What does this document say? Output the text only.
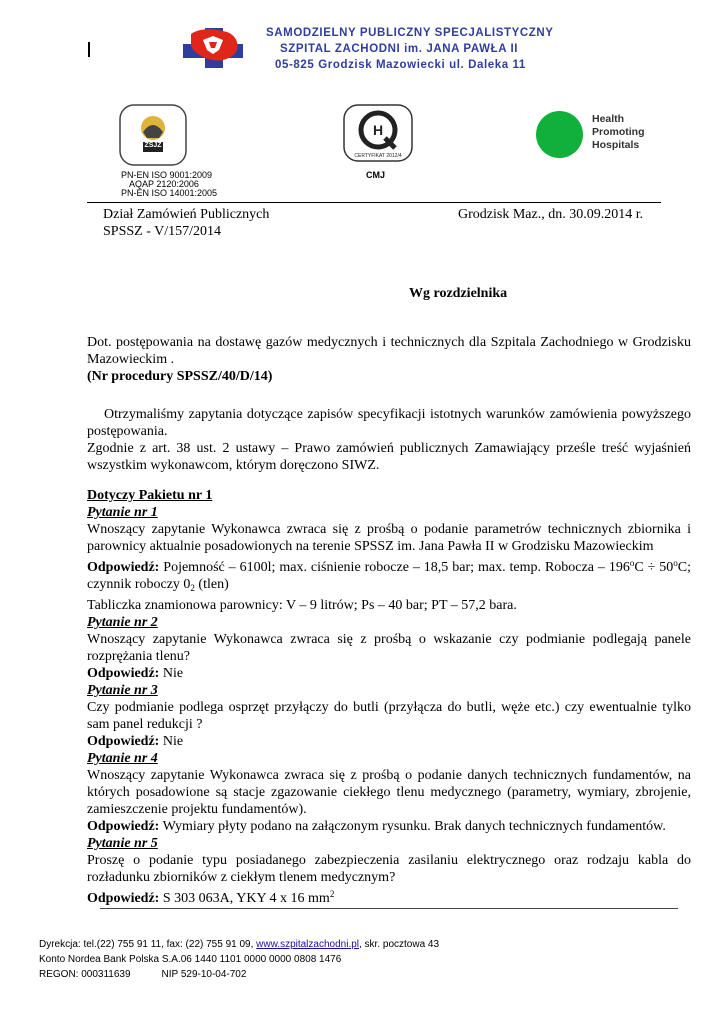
SAMODZIELNY PUBLICZNY SPECJALISTYCZNY
SZPITAL ZACHODNI im. JANA PAWŁA II
05-825 Grodzisk Mazowiecki ul. Daleka 11
ZSJZ
PN-EN ISO 9001:2009
AQAP 2120:2006
PN-EN ISO 14001:2005
H
CERTYFIKAT 2012/4
CMJ
Health
Promoting
Hospitals
Dział Zamówień Publicznych
SPSSZ - V/157/2014
Grodzisk Maz., dn. 30.09.2014 r.
Wg rozdzielnika

Dot. postępowania na dostawę gazów medycznych i technicznych dla Szpitala Zachodniego w Grodzisku Mazowieckim .

(Nr procedury SPSSZ/40/D/14)

Otrzymaliśmy zapytania dotyczące zapisów specyfikacji istotnych warunków zamówienia powyższego postępowania.

Zgodnie z art. 38 ust. 2 ustawy – Prawo zamówień publicznych Zamawiający prześle treść wyjaśnień wszystkim wykonawcom, którym doręczono SIWZ.

Dotyczy Pakietu nr 1

Pytanie nr 1

Wnoszący zapytanie Wykonawca zwraca się z prośbą o podanie parametrów technicznych zbiornika i parownicy aktualnie posadowionych na terenie SPSSZ im. Jana Pawła II w Grodzisku Mazowieckim

Odpowiedź: Pojemność – 6100l; max. ciśnienie robocze – 18,5 bar; max. temp. Robocza – $196^oC \div 50^oC$; czynnik roboczy $0_2$ (tlen)

Tabliczka znamionowa parownicy: V – 9 litrów; Ps – 40 bar; PT – 57,2 bara.

Pytanie nr 2

Wnoszący zapytanie Wykonawca zwraca się z prośbą o wskazanie czy podmianie podlegają panele rozprężania tlenu?

Odpowiedź: Nie

Pytanie nr 3

Czy podmianie podlega osprzęt przyłączy do butli (przyłącza do butli, węże etc.) czy ewentualnie tylko sam panel redukcji ?

Odpowiedź: Nie

Pytanie nr 4

Wnoszący zapytanie Wykonawca zwraca się z prośbą o podanie danych technicznych fundamentów, na których posadowione są stacje zgazowanie ciekłego tlenu medycznego (parametry, wymiary, zbrojenie, zamieszczenie projektu fundamentów).

Odpowiedź: Wymiary płyty podano na załączonym rysunku. Brak danych technicznych fundamentów.

Pytanie nr 5

Proszę o podanie typu posiadanego zabezpieczenia zasilaniu elektrycznego oraz rodzaju kabla do rozładunku zbiorników z ciekłym tlenem medycznym?

Odpowiedź: S 303 063A, YKY 4 x 16 $mm^2$

Dyrekcja: tel.(22) 755 91 11, fax: (22) 755 91 09, www.szpitalzachodni.pl, skr. pocztowa 43
Konto Nordea Bank Polska S.A.06 1440 1101 0000 0000 0808 1476
REGON: 000311639	NIP 529-10-04-702
